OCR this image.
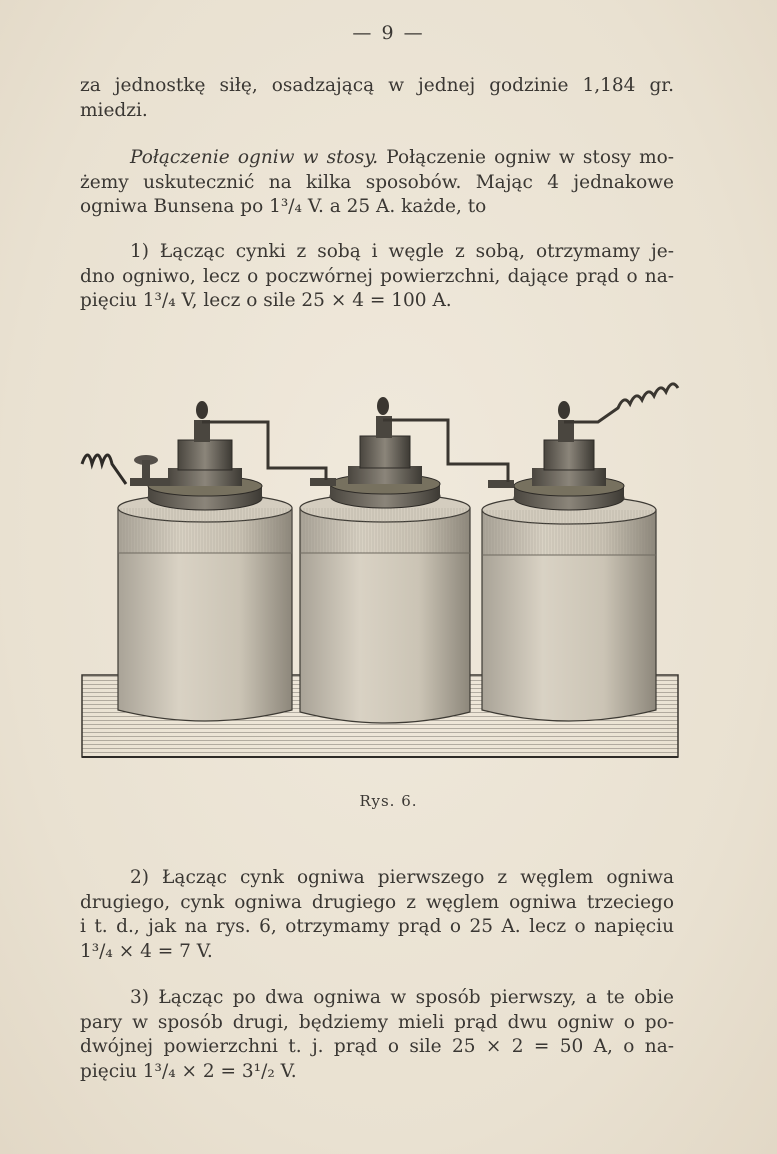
— 9 —
za jednostkę siłę, osadzającą w jednej godzinie 1,184 gr.
miedzi.
Połączenie ogniw w stosy. Połączenie ogniw w stosy mo-
żemy uskutecznić na kilka sposobów. Mając 4 jednakowe
ogniwa Bunsena po 1³/₄ V. a 25 A. każde, to
1) Łącząc cynki z sobą i węgle z sobą, otrzymamy je-
dno ogniwo, lecz o poczwórnej powierzchni, dające prąd o na-
pięciu 1³/₄ V, lecz o sile 25 × 4 = 100 A.
Rys. 6.
2) Łącząc cynk ogniwa pierwszego z węglem ogniwa
drugiego, cynk ogniwa drugiego z węglem ogniwa trzeciego
i t. d., jak na rys. 6, otrzymamy prąd o 25 A. lecz o napięciu
1³/₄ × 4 = 7 V.
3) Łącząc po dwa ogniwa w sposób pierwszy, a te obie
pary w sposób drugi, będziemy mieli prąd dwu ogniw o po-
dwójnej powierzchni t. j. prąd o sile 25 × 2 = 50 A, o na-
pięciu 1³/₄ × 2 = 3¹/₂ V.
